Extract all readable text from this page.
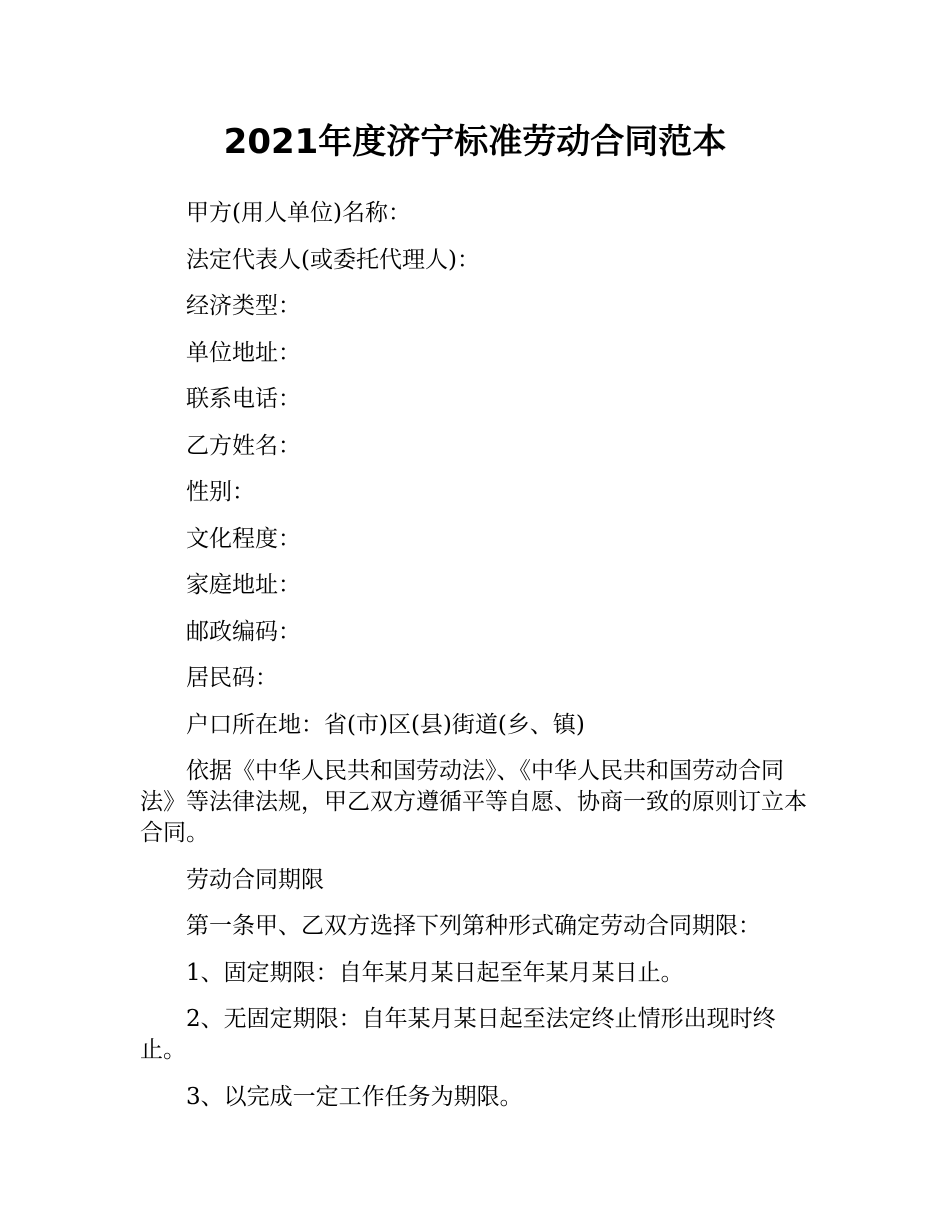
2021年度济宁标准劳动合同范本

甲方(用人单位)名称：

法定代表人(或委托代理人)：

经济类型：

单位地址：

联系电话：

乙方姓名：

性别：

文化程度：

家庭地址：

邮政编码：

居民码：

户口所在地：省(市)区(县)街道(乡、镇)

依据《中华人民共和国劳动法》、《中华人民共和国劳动合同法》等法律法规，甲乙双方遵循平等自愿、协商一致的原则订立本合同。

劳动合同期限

第一条甲、乙双方选择下列第种形式确定劳动合同期限：

1、固定期限：自年某月某日起至年某月某日止。

2、无固定期限：自年某月某日起至法定终止情形出现时终止。

3、以完成一定工作任务为期限。
